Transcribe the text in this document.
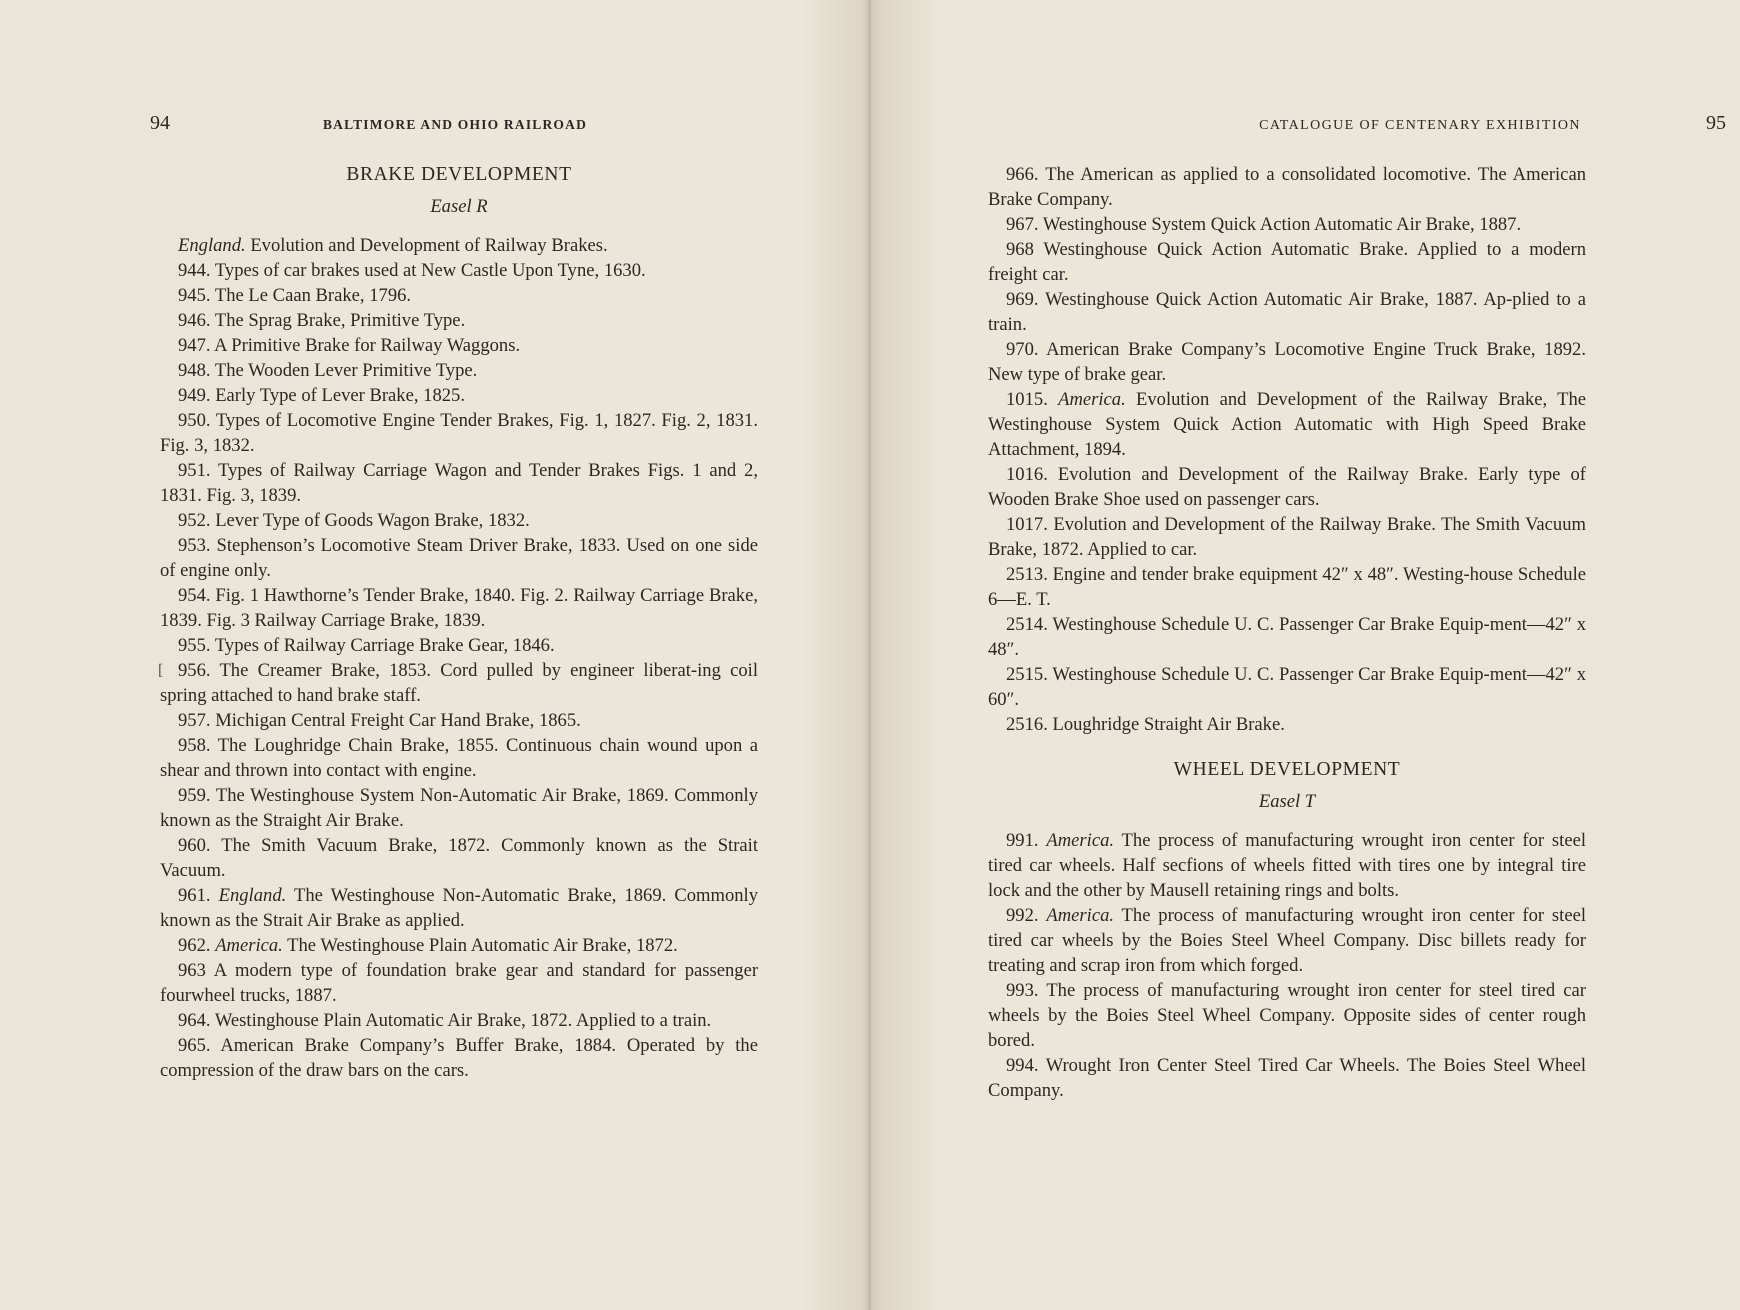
94	BALTIMORE AND OHIO RAILROAD
BRAKE DEVELOPMENT
Easel R

England. Evolution and Development of Railway Brakes.

944. Types of car brakes used at New Castle Upon Tyne, 1630.

945. The Le Caan Brake, 1796.

946. The Sprag Brake, Primitive Type.

947. A Primitive Brake for Railway Waggons.

948. The Wooden Lever Primitive Type.

949. Early Type of Lever Brake, 1825.

950. Types of Locomotive Engine Tender Brakes, Fig. 1, 1827. Fig. 2, 1831. Fig. 3, 1832.

951. Types of Railway Carriage Wagon and Tender Brakes Figs. 1 and 2, 1831. Fig. 3, 1839.

952. Lever Type of Goods Wagon Brake, 1832.

953. Stephenson’s Locomotive Steam Driver Brake, 1833. Used on one side of engine only.

954. Fig. 1 Hawthorne’s Tender Brake, 1840. Fig. 2. Railway Carriage Brake, 1839. Fig. 3 Railway Carriage Brake, 1839.

955. Types of Railway Carriage Brake Gear, 1846.

[ 956. The Creamer Brake, 1853. Cord pulled by engineer liberat-ing coil spring attached to hand brake staff.

957. Michigan Central Freight Car Hand Brake, 1865.

958. The Loughridge Chain Brake, 1855. Continuous chain wound upon a shear and thrown into contact with engine.

959. The Westinghouse System Non-Automatic Air Brake, 1869. Commonly known as the Straight Air Brake.

960. The Smith Vacuum Brake, 1872. Commonly known as the Strait Vacuum.

961. England. The Westinghouse Non-Automatic Brake, 1869. Commonly known as the Strait Air Brake as applied.

962. America. The Westinghouse Plain Automatic Air Brake, 1872.

963 A modern type of foundation brake gear and standard for passenger fourwheel trucks, 1887.

964. Westinghouse Plain Automatic Air Brake, 1872. Applied to a train.

965. American Brake Company’s Buffer Brake, 1884. Operated by the compression of the draw bars on the cars.

CATALOGUE OF CENTENARY EXHIBITION	95

966. The American as applied to a consolidated locomotive. The American Brake Company.

967. Westinghouse System Quick Action Automatic Air Brake, 1887.

968 Westinghouse Quick Action Automatic Brake. Applied to a modern freight car.

969. Westinghouse Quick Action Automatic Air Brake, 1887. Ap-plied to a train.

970. American Brake Company’s Locomotive Engine Truck Brake, 1892. New type of brake gear.

1015. America. Evolution and Development of the Railway Brake, The Westinghouse System Quick Action Automatic with High Speed Brake Attachment, 1894.

1016. Evolution and Development of the Railway Brake. Early type of Wooden Brake Shoe used on passenger cars.

1017. Evolution and Development of the Railway Brake. The Smith Vacuum Brake, 1872. Applied to car.

2513. Engine and tender brake equipment 42″ x 48″. Westing-house Schedule 6—E. T.

2514. Westinghouse Schedule U. C. Passenger Car Brake Equip-ment—42″ x 48″.

2515. Westinghouse Schedule U. C. Passenger Car Brake Equip-ment—42″ x 60″.

2516. Loughridge Straight Air Brake.

WHEEL DEVELOPMENT
Easel T

991. America. The process of manufacturing wrought iron center for steel tired car wheels. Half secfions of wheels fitted with tires one by integral tire lock and the other by Mausell retaining rings and bolts.

992. America. The process of manufacturing wrought iron center for steel tired car wheels by the Boies Steel Wheel Company. Disc billets ready for treating and scrap iron from which forged.

993. The process of manufacturing wrought iron center for steel tired car wheels by the Boies Steel Wheel Company. Opposite sides of center rough bored.

994. Wrought Iron Center Steel Tired Car Wheels. The Boies Steel Wheel Company.
